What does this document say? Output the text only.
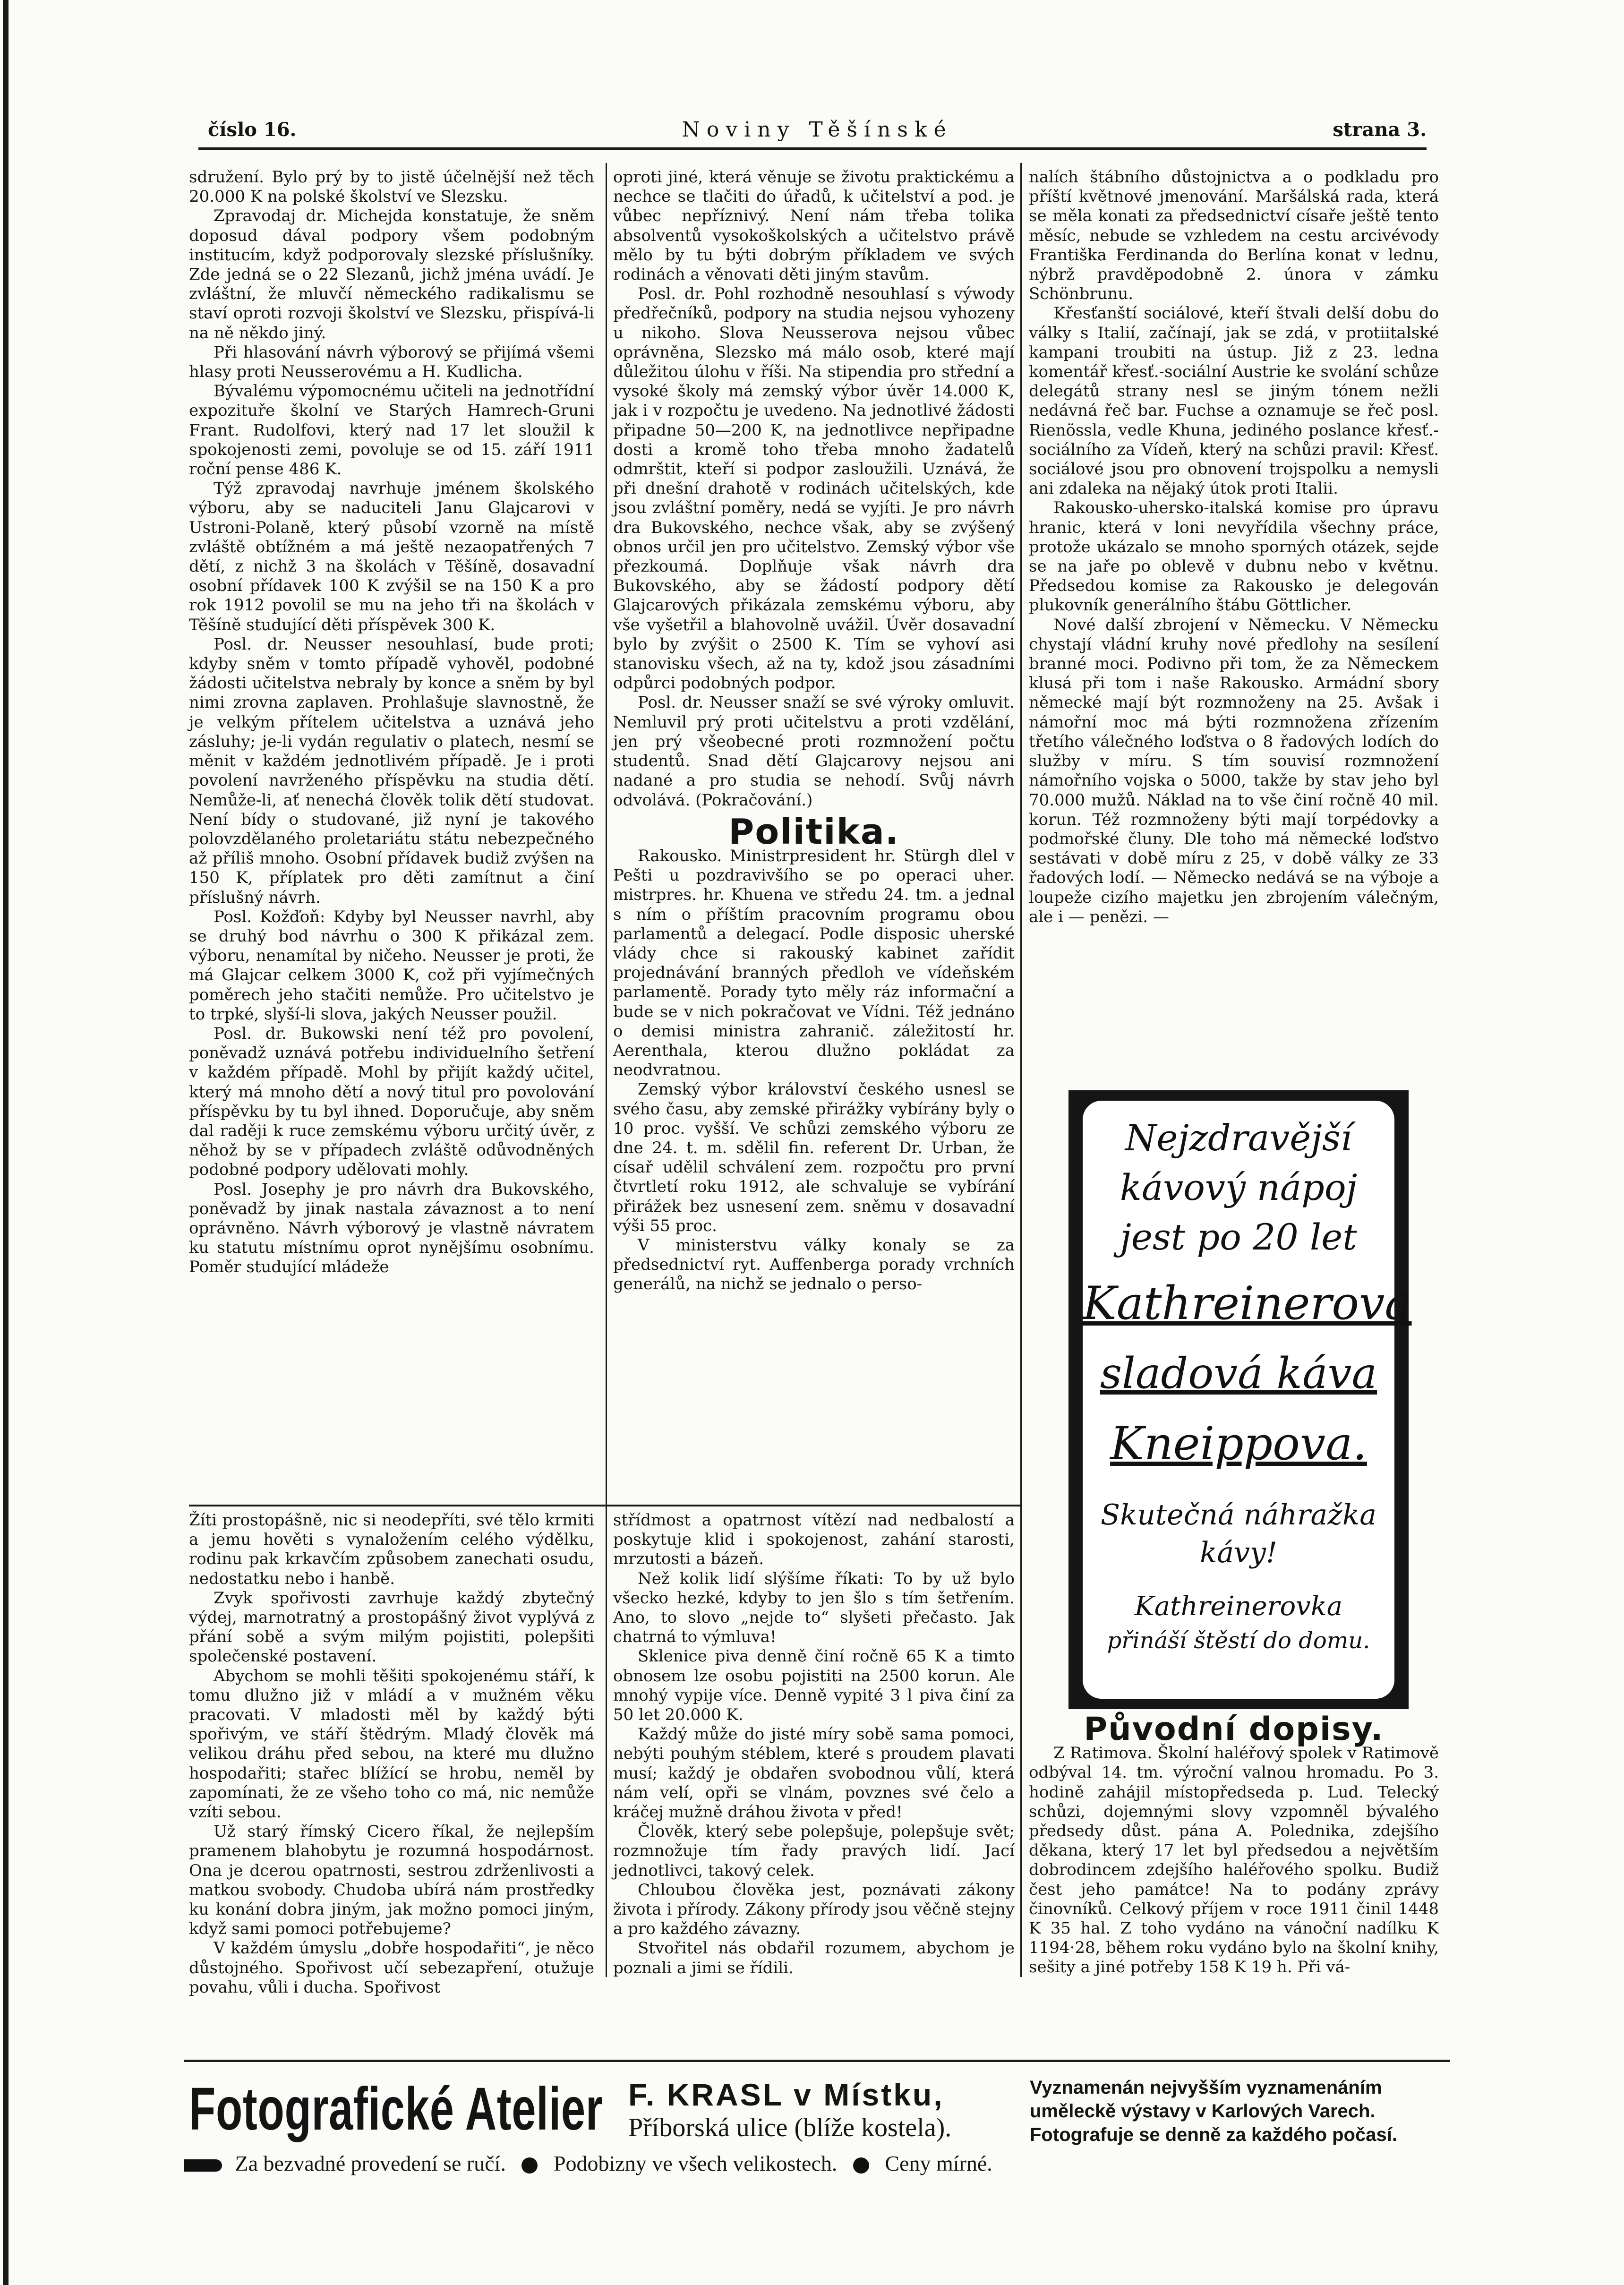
číslo 16.	Noviny Těšínské	strana 3.

sdružení. Bylo prý by to jistě účelnější než těch 20.000 K na polské školství ve Slezsku.

Zpravodaj dr. Michejda konstatuje, že sněm doposud dával podpory všem podobným institucím, když podporovaly slezské příslušníky. Zde jedná se o 22 Slezanů, jichž jména uvádí. Je zvláštní, že mluvčí německého radikalismu se staví oproti rozvoji školství ve Slezsku, přispívá-li na ně někdo jiný.

Při hlasování návrh výborový se přijímá všemi hlasy proti Neusserovému a H. Kudlicha.

Bývalému výpomocnému učiteli na jednotřídní expozituře školní ve Starých Hamrech-Gruni Frant. Rudolfovi, který nad 17 let sloužil k spokojenosti zemi, povoluje se od 15. září 1911 roční pense 486 K.

Týž zpravodaj navrhuje jménem školského výboru, aby se naduciteli Janu Glajcarovi v Ustroni-Polaně, který působí vzorně na místě zvláště obtížném a má ještě nezaopatřených 7 dětí, z nichž 3 na školách v Těšíně, dosavadní osobní přídavek 100 K zvýšil se na 150 K a pro rok 1912 povolil se mu na jeho tři na školách v Těšíně studující děti příspěvek 300 K.

Posl. dr. Neusser nesouhlasí, bude proti; kdyby sněm v tomto případě vyhověl, podobné žádosti učitelstva nebraly by konce a sněm by byl nimi zrovna zaplaven. Prohlašuje slavnostně, že je velkým přítelem učitelstva a uznává jeho zásluhy; je-li vydán regulativ o platech, nesmí se měnit v každém jednotlivém případě. Je i proti povolení navrženého příspěvku na studia dětí. Nemůže-li, ať nenechá člověk tolik dětí studovat. Není bídy o studované, již nyní je takového polovzdělaného proletariátu státu nebezpečného až příliš mnoho. Osobní přídavek budiž zvýšen na 150 K, příplatek pro děti zamítnut a činí příslušný návrh.

Posl. Kožďoň: Kdyby byl Neusser navrhl, aby se druhý bod návrhu o 300 K přikázal zem. výboru, nenamítal by ničeho. Neusser je proti, že má Glajcar celkem 3000 K, což při vyjímečných poměrech jeho stačiti nemůže. Pro učitelstvo je to trpké, slyší-li slova, jakých Neusser použil.

Posl. dr. Bukowski není též pro povolení, poněvadž uznává potřebu individuelního šetření v každém případě. Mohl by přijít každý učitel, který má mnoho dětí a nový titul pro povolování příspěvku by tu byl ihned. Doporučuje, aby sněm dal raději k ruce zemskému výboru určitý úvěr, z něhož by se v případech zvláště odůvodněných podobné podpory udělovati mohly.

Posl. Josephy je pro návrh dra Bukovského, poněvadž by jinak nastala závaznost a to není oprávněno. Návrh výborový je vlastně návratem ku statutu místnímu oprot nynějšímu osobnímu. Poměr studující mládeže

oproti jiné, která věnuje se životu praktickému a nechce se tlačiti do úřadů, k učitelství a pod. je vůbec nepříznivý. Není nám třeba tolika absolventů vysokoškolských a učitelstvo právě mělo by tu býti dobrým příkladem ve svých rodinách a věnovati děti jiným stavům.

Posl. dr. Pohl rozhodně nesouhlasí s výwody předřečníků, podpory na studia nejsou vyhozeny u nikoho. Slova Neusserova nejsou vůbec oprávněna, Slezsko má málo osob, které mají důležitou úlohu v říši. Na stipendia pro střední a vysoké školy má zemský výbor úvěr 14.000 K, jak i v rozpočtu je uvedeno. Na jednotlivé žádosti připadne 50—200 K, na jednotlivce nepřipadne dosti a kromě toho třeba mnoho žadatelů odmrštit, kteří si podpor zasloužili. Uznává, že při dnešní drahotě v rodinách učitelských, kde jsou zvláštní poměry, nedá se vyjíti. Je pro návrh dra Bukovského, nechce však, aby se zvýšený obnos určil jen pro učitelstvo. Zemský výbor vše přezkoumá. Doplňuje však návrh dra Bukovského, aby se žádostí podpory dětí Glajcarových přikázala zemskému výboru, aby vše vyšetřil a blahovolně uvážil. Úvěr dosavadní bylo by zvýšit o 2500 K. Tím se vyhoví asi stanovisku všech, až na ty, kdož jsou zásadními odpůrci podobných podpor.

Posl. dr. Neusser snaží se své výroky omluvit. Nemluvil prý proti učitelstvu a proti vzdělání, jen prý všeobecné proti rozmnožení počtu studentů. Snad dětí Glajcarovy nejsou ani nadané a pro studia se nehodí. Svůj návrh odvolává. (Pokračování.)

Politika.

Rakousko. Ministrpresident hr. Stürgh dlel v Pešti u pozdravivšího se po operaci uher. mistrpres. hr. Khuena ve středu 24. tm. a jednal s ním o příštím pracovním programu obou parlamentů a delegací. Podle disposic uherské vlády chce si rakouský kabinet zařídit projednávání branných předloh ve vídeňském parlamentě. Porady tyto měly ráz informační a bude se v nich pokračovat ve Vídni. Též jednáno o demisi ministra zahranič. záležitostí hr. Aerenthala, kterou dlužno pokládat za neodvratnou.

Zemský výbor království českého usnesl se svého času, aby zemské přirážky vybírány byly o 10 proc. vyšší. Ve schůzi zemského výboru ze dne 24. t. m. sdělil fin. referent Dr. Urban, že císař udělil schválení zem. rozpočtu pro první čtvrtletí roku 1912, ale schvaluje se vybírání přirážek bez usnesení zem. sněmu v dosavadní výši 55 proc.

V ministerstvu války konaly se za předsednictví ryt. Auffenberga porady vrchních generálů, na nichž se jednalo o perso-

nalích štábního důstojnictva a o podkladu pro příští květnové jmenování. Maršálská rada, která se měla konati za předsednictví císaře ještě tento měsíc, nebude se vzhledem na cestu arcivévody Františka Ferdinanda do Berlína konat v lednu, nýbrž pravděpodobně 2. února v zámku Schönbrunu.

Křesťanští sociálové, kteří štvali delší dobu do války s Italií, začínají, jak se zdá, v protiitalské kampani troubiti na ústup. Již z 23. ledna komentář křesť.-sociální Austrie ke svolání schůze delegátů strany nesl se jiným tónem nežli nedávná řeč bar. Fuchse a oznamuje se řeč posl. Rienössla, vedle Khuna, jediného poslance křesť.-sociálního za Vídeň, který na schůzi pravil: Křesť. sociálové jsou pro obnovení trojspolku a nemysli ani zdaleka na nějaký útok proti Italii.

Rakousko-uhersko-italská komise pro úpravu hranic, která v loni nevyřídila všechny práce, protože ukázalo se mnoho sporných otázek, sejde se na jaře po oblevě v dubnu nebo v květnu. Předsedou komise za Rakousko je delegován plukovník generálního štábu Göttlicher.

Nové další zbrojení v Německu. V Německu chystají vládní kruhy nové předlohy na sesílení branné moci. Podivno při tom, že za Německem klusá při tom i naše Rakousko. Armádní sbory německé mají být rozmnoženy na 25. Avšak i námořní moc má býti rozmnožena zřízením třetího válečného loďstva o 8 řadových lodích do služby v míru. S tím souvisí rozmnožení námořního vojska o 5000, takže by stav jeho byl 70.000 mužů. Náklad na to vše činí ročně 40 mil. korun. Též rozmnoženy býti mají torpédovky a podmořské čluny. Dle toho má německé loďstvo sestávati v době míru z 25, v době války ze 33 řadových lodí. — Německo nedává se na výboje a loupeže cizího majetku jen zbrojením válečným, ale i — penězi. —

Nejzdravější
kávový nápoj
jest po 20 let
Kathreinerova
sladová káva
Kneippova.
Skutečná náhražka
kávy!
Kathreinerovka
přináší štěstí do domu.

Žíti prostopášně, nic si neodepříti, své tělo krmiti a jemu hověti s vynaložením celého výdělku, rodinu pak krkavčím způsobem zanechati osudu, nedostatku nebo i hanbě.

Zvyk spořivosti zavrhuje každý zbytečný výdej, marnotratný a prostopášný život vyplývá z přání sobě a svým milým pojistiti, polepšiti společenské postavení.

Abychom se mohli těšiti spokojenému stáří, k tomu dlužno již v mládí a v mužném věku pracovati. V mladosti měl by každý býti spořivým, ve stáří štědrým. Mladý člověk má velikou dráhu před sebou, na které mu dlužno hospodařiti; stařec blížící se hrobu, neměl by zapomínati, že ze všeho toho co má, nic nemůže vzíti sebou.

Už starý římský Cicero říkal, že nejlepším pramenem blahobytu je rozumná hospodárnost. Ona je dcerou opatrnosti, sestrou zdrženlivosti a matkou svobody. Chudoba ubírá nám prostředky ku konání dobra jiným, jak možno pomoci jiným, když sami pomoci potřebujeme?

V každém úmyslu „dobře hospodařiti“, je něco důstojného. Spořivost učí sebezapření, otužuje povahu, vůli i ducha. Spořivost

střídmost a opatrnost vítězí nad nedbalostí a poskytuje klid i spokojenost, zahání starosti, mrzutosti a bázeň.

Než kolik lidí slýšíme říkati: To by už bylo všecko hezké, kdyby to jen šlo s tím šetřením. Ano, to slovo „nejde to“ slyšeti přečasto. Jak chatrná to výmluva!

Sklenice piva denně činí ročně 65 K a timto obnosem lze osobu pojistiti na 2500 korun. Ale mnohý vypije více. Denně vypité 3 l piva činí za 50 let 20.000 K.

Každý může do jisté míry sobě sama pomoci, nebýti pouhým stéblem, které s proudem plavati musí; každý je obdařen svobodnou vůlí, která nám velí, opři se vlnám, povznes své čelo a kráčej mužně dráhou života v před!

Člověk, který sebe polepšuje, polepšuje svět; rozmnožuje tím řady pravých lidí. Jací jednotlivci, takový celek.

Chloubou člověka jest, poznávati zákony života i přírody. Zákony přírody jsou věčně stejny a pro každého závazny.

Stvořitel nás obdařil rozumem, abychom je poznali a jimi se řídili.

Původní dopisy.

Z Ratimova. Školní haléřový spolek v Ratimově odbýval 14. tm. výroční valnou hromadu. Po 3. hodině zahájil místopředseda p. Lud. Telecký schůzi, dojemnými slovy vzpomněl bývalého předsedy důst. pána A. Polednika, zdejšího děkana, který 17 let byl předsedou a největším dobrodincem zdejšího haléřového spolku. Budiž čest jeho památce! Na to podány zprávy činovníků. Celkový příjem v roce 1911 činil 1448 K 35 hal. Z toho vydáno na vánoční nadílku K 1194·28, během roku vydáno bylo na školní knihy, sešity a jiné potřeby 158 K 19 h. Při vá-

Fotografické Atelier F. KRASL v Místku,
Příborská ulice (blíže kostela).
Vyznamenán nejvyšším vyznamenáním
uměleckě výstavy v Karlových Varech.
Fotografuje se denně za každého počasí.
Za bezvadné provedení se ručí. Podobizny ve všech velikostech. Ceny mírné.
